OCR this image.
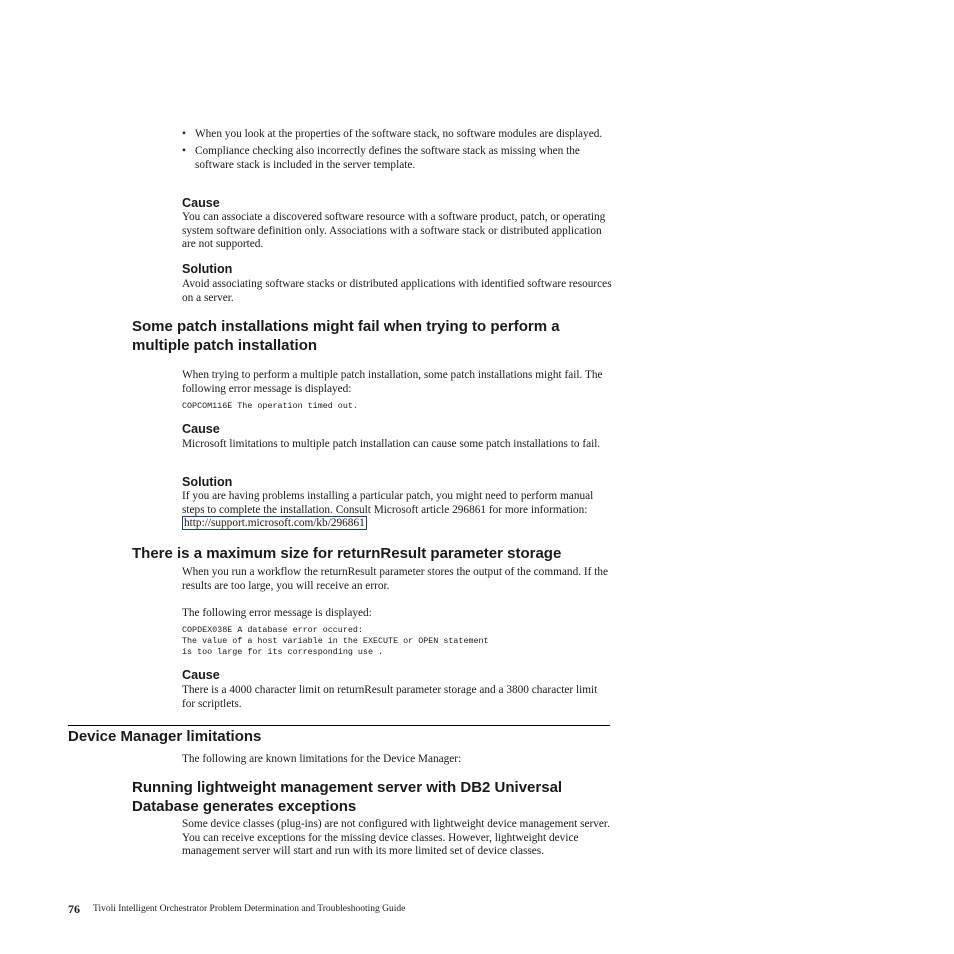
• When you look at the properties of the software stack, no software modules are displayed.
• Compliance checking also incorrectly defines the software stack as missing when the software stack is included in the server template.
Cause
You can associate a discovered software resource with a software product, patch, or operating system software definition only. Associations with a software stack or distributed application are not supported.
Solution
Avoid associating software stacks or distributed applications with identified software resources on a server.
Some patch installations might fail when trying to perform a multiple patch installation
When trying to perform a multiple patch installation, some patch installations might fail. The following error message is displayed:
COPCOM116E The operation timed out.
Cause
Microsoft limitations to multiple patch installation can cause some patch installations to fail.
Solution
If you are having problems installing a particular patch, you might need to perform manual steps to complete the installation. Consult Microsoft article 296861 for more information: http://support.microsoft.com/kb/296861
There is a maximum size for returnResult parameter storage
When you run a workflow the returnResult parameter stores the output of the command. If the results are too large, you will receive an error.
The following error message is displayed:
COPDEX038E A database error occured:
The value of a host variable in the EXECUTE or OPEN statement
is too large for its corresponding use .
Cause
There is a 4000 character limit on returnResult parameter storage and a 3800 character limit for scriptlets.
Device Manager limitations
The following are known limitations for the Device Manager:
Running lightweight management server with DB2 Universal Database generates exceptions
Some device classes (plug-ins) are not configured with lightweight device management server. You can receive exceptions for the missing device classes. However, lightweight device management server will start and run with its more limited set of device classes.
76 Tivoli Intelligent Orchestrator Problem Determination and Troubleshooting Guide
